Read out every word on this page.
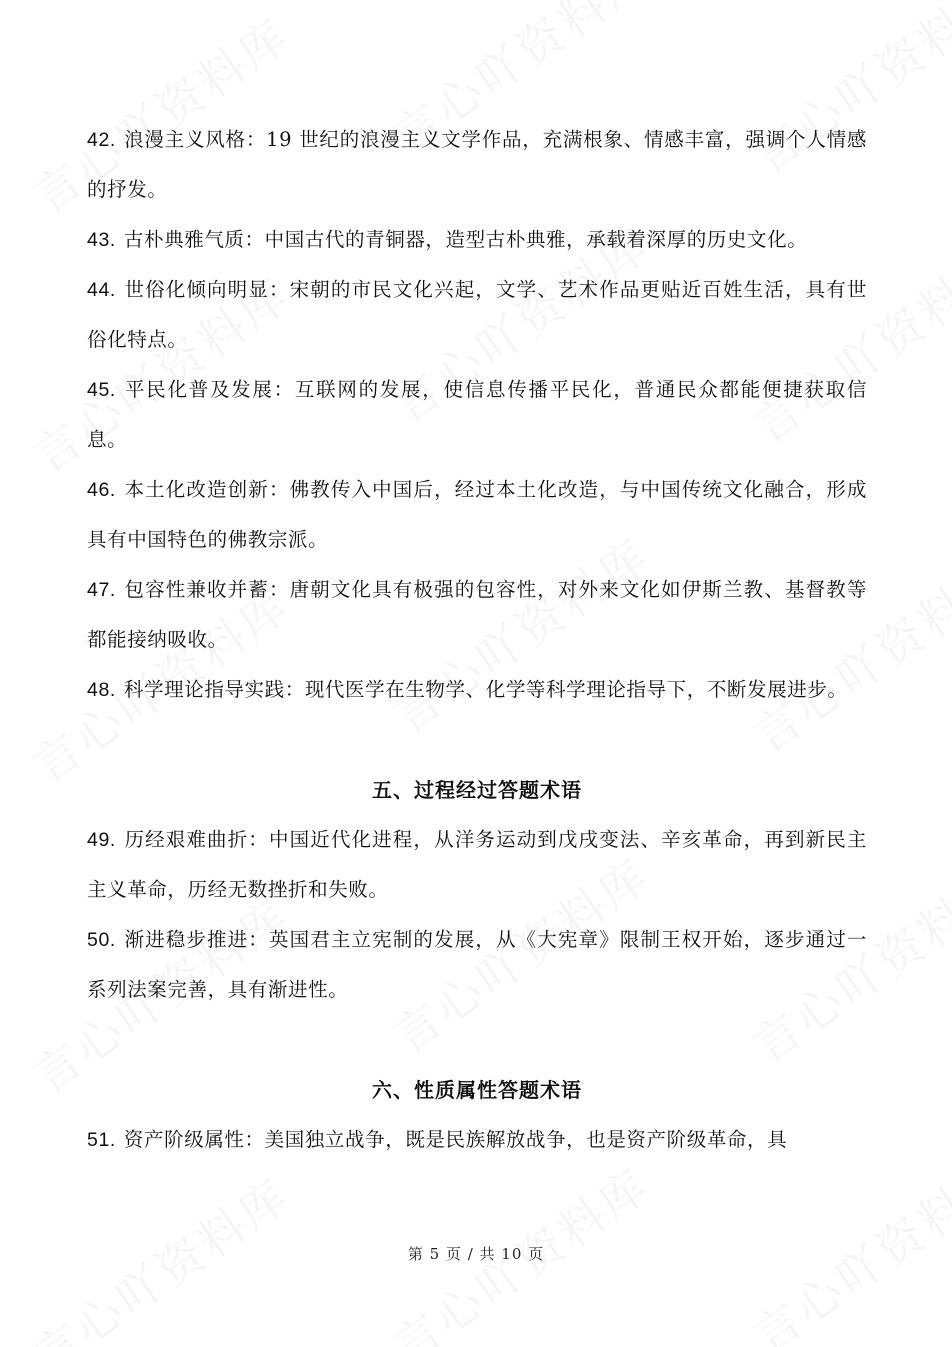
42. 浪漫主义风格：19 世纪的浪漫主义文学作品，充满根象、情感丰富，强调个人情感的抒发。
43. 古朴典雅气质：中国古代的青铜器，造型古朴典雅，承载着深厚的历史文化。
44. 世俗化倾向明显：宋朝的市民文化兴起，文学、艺术作品更贴近百姓生活，具有世俗化特点。
45. 平民化普及发展：互联网的发展，使信息传播平民化，普通民众都能便捷获取信息。
46. 本土化改造创新：佛教传入中国后，经过本土化改造，与中国传统文化融合，形成具有中国特色的佛教宗派。
47. 包容性兼收并蓄：唐朝文化具有极强的包容性，对外来文化如伊斯兰教、基督教等都能接纳吸收。
48. 科学理论指导实践：现代医学在生物学、化学等科学理论指导下，不断发展进步。
五、过程经过答题术语
49. 历经艰难曲折：中国近代化进程，从洋务运动到戊戌变法、辛亥革命，再到新民主主义革命，历经无数挫折和失败。
50. 渐进稳步推进：英国君主立宪制的发展，从《大宪章》限制王权开始，逐步通过一系列法案完善，具有渐进性。
六、性质属性答题术语
51. 资产阶级属性：美国独立战争，既是民族解放战争，也是资产阶级革命，具
第 5 页 / 共 10 页
